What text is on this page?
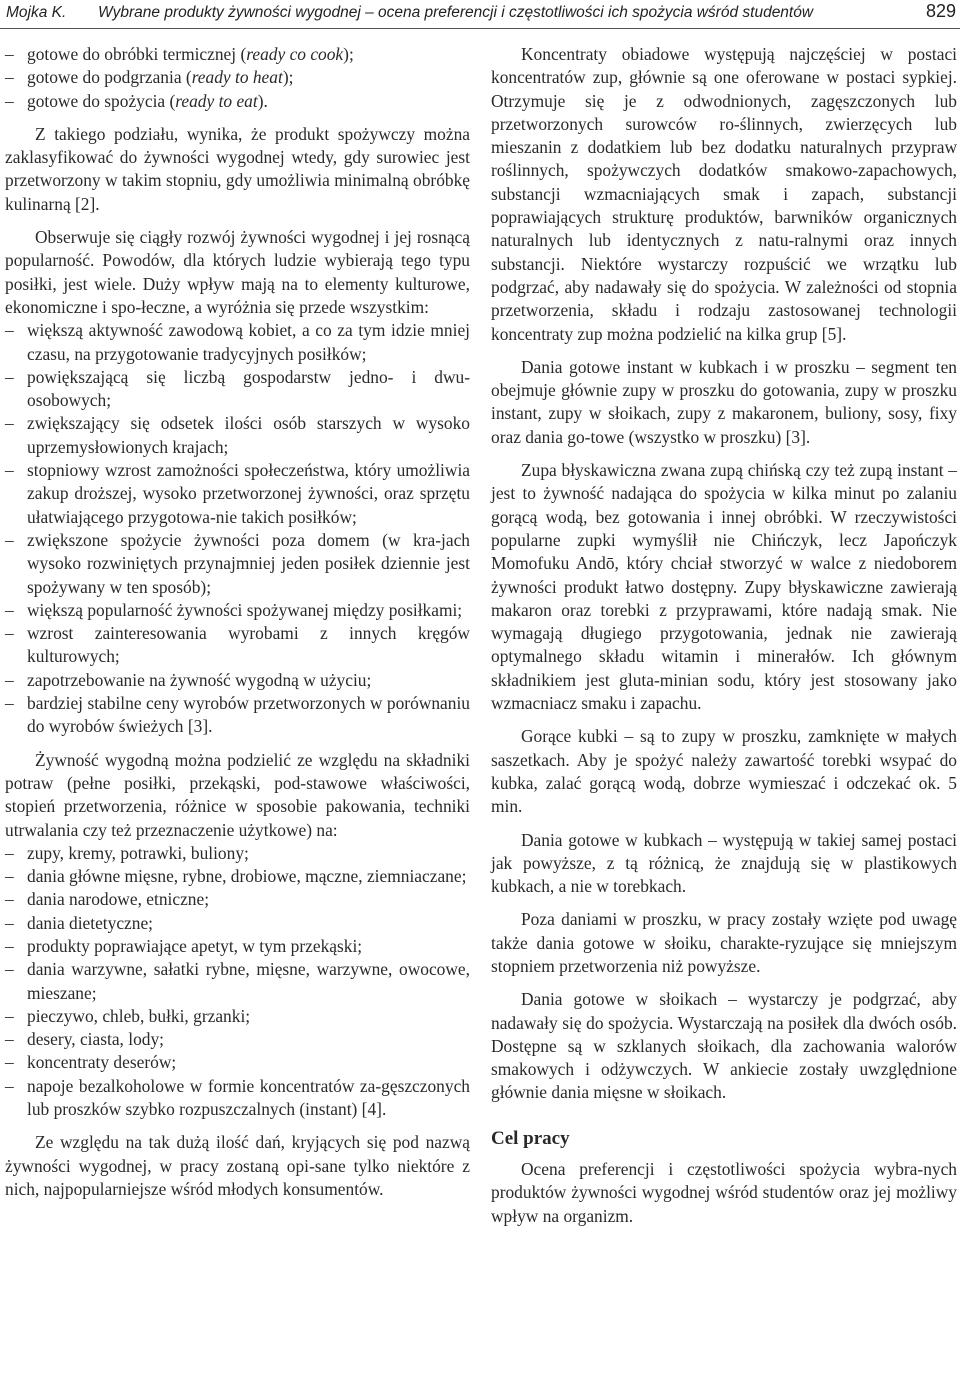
Mojka K. Wybrane produkty żywności wygodnej – ocena preferencji i częstotliwości ich spożycia wśród studentów	829
– gotowe do obróbki termicznej (ready co cook);
– gotowe do podgrzania (ready to heat);
– gotowe do spożycia (ready to eat).

Z takiego podziału, wynika, że produkt spożywczy można zaklasyfikować do żywności wygodnej wtedy, gdy surowiec jest przetworzony w takim stopniu, gdy umożliwia minimalną obróbkę kulinarną [2].

Obserwuje się ciągły rozwój żywności wygodnej i jej rosnącą popularność. Powodów, dla których ludzie wybierają tego typu posiłki, jest wiele. Duży wpływ mają na to elementy kulturowe, ekonomiczne i spo-łeczne, a wyróżnia się przede wszystkim:

– większą aktywność zawodową kobiet, a co za tym idzie mniej czasu, na przygotowanie tradycyjnych posiłków;
– powiększającą się liczbą gospodarstw jedno- i dwu-osobowych;
– zwiększający się odsetek ilości osób starszych w wysoko uprzemysłowionych krajach;
– stopniowy wzrost zamożności społeczeństwa, który umożliwia zakup droższej, wysoko przetworzonej żywności, oraz sprzętu ułatwiającego przygotowa-nie takich posiłków;
– zwiększone spożycie żywności poza domem (w kra-jach wysoko rozwiniętych przynajmniej jeden posiłek dziennie jest spożywany w ten sposób);
– większą popularność żywności spożywanej między posiłkami;
– wzrost zainteresowania wyrobami z innych kręgów kulturowych;
– zapotrzebowanie na żywność wygodną w użyciu;
– bardziej stabilne ceny wyrobów przetworzonych w porównaniu do wyrobów świeżych [3].

Żywność wygodną można podzielić ze względu na składniki potraw (pełne posiłki, przekąski, pod-stawowe właściwości, stopień przetworzenia, różnice w sposobie pakowania, techniki utrwalania czy też przeznaczenie użytkowe) na:

– zupy, kremy, potrawki, buliony;
– dania główne mięsne, rybne, drobiowe, mączne, ziemniaczane;
– dania narodowe, etniczne;
– dania dietetyczne;
– produkty poprawiające apetyt, w tym przekąski;
– dania warzywne, sałatki rybne, mięsne, warzywne, owocowe, mieszane;
– pieczywo, chleb, bułki, grzanki;
– desery, ciasta, lody;
– koncentraty deserów;
– napoje bezalkoholowe w formie koncentratów za-gęszczonych lub proszków szybko rozpuszczalnych (instant) [4].

Ze względu na tak dużą ilość dań, kryjących się pod nazwą żywności wygodnej, w pracy zostaną opi-sane tylko niektóre z nich, najpopularniejsze wśród młodych konsumentów.

Koncentraty obiadowe występują najczęściej w postaci koncentratów zup, głównie są one oferowane w postaci sypkiej. Otrzymuje się je z odwodnionych, zagęszczonych lub przetworzonych surowców ro-ślinnych, zwierzęcych lub mieszanin z dodatkiem lub bez dodatku naturalnych przypraw roślinnych, spożywczych dodatków smakowo-zapachowych, substancji wzmacniających smak i zapach, substancji poprawiających strukturę produktów, barwników organicznych naturalnych lub identycznych z natu-ralnymi oraz innych substancji. Niektóre wystarczy rozpuścić we wrzątku lub podgrzać, aby nadawały się do spożycia. W zależności od stopnia przetworzenia, składu i rodzaju zastosowanej technologii koncentraty zup można podzielić na kilka grup [5].

Dania gotowe instant w kubkach i w proszku – segment ten obejmuje głównie zupy w proszku do gotowania, zupy w proszku instant, zupy w słoikach, zupy z makaronem, buliony, sosy, fixy oraz dania go-towe (wszystko w proszku) [3].

Zupa błyskawiczna zwana zupą chińską czy też zupą instant – jest to żywność nadająca do spożycia w kilka minut po zalaniu gorącą wodą, bez gotowania i innej obróbki. W rzeczywistości popularne zupki wymyślił nie Chińczyk, lecz Japończyk Momofuku Andō, który chciał stworzyć w walce z niedoborem żywności produkt łatwo dostępny. Zupy błyskawiczne zawierają makaron oraz torebki z przyprawami, które nadają smak. Nie wymagają długiego przygotowania, jednak nie zawierają optymalnego składu witamin i minerałów. Ich głównym składnikiem jest gluta-minian sodu, który jest stosowany jako wzmacniacz smaku i zapachu.

Gorące kubki – są to zupy w proszku, zamknięte w małych saszetkach. Aby je spożyć należy zawartość torebki wsypać do kubka, zalać gorącą wodą, dobrze wymieszać i odczekać ok. 5 min.

Dania gotowe w kubkach – występują w takiej samej postaci jak powyższe, z tą różnicą, że znajdują się w plastikowych kubkach, a nie w torebkach.

Poza daniami w proszku, w pracy zostały wzięte pod uwagę także dania gotowe w słoiku, charakte-ryzujące się mniejszym stopniem przetworzenia niż powyższe.

Dania gotowe w słoikach – wystarczy je podgrzać, aby nadawały się do spożycia. Wystarczają na posiłek dla dwóch osób. Dostępne są w szklanych słoikach, dla zachowania walorów smakowych i odżywczych. W ankiecie zostały uwzględnione głównie dania mięsne w słoikach.

Cel pracy

Ocena preferencji i częstotliwości spożycia wybra-nych produktów żywności wygodnej wśród studentów oraz jej możliwy wpływ na organizm.
